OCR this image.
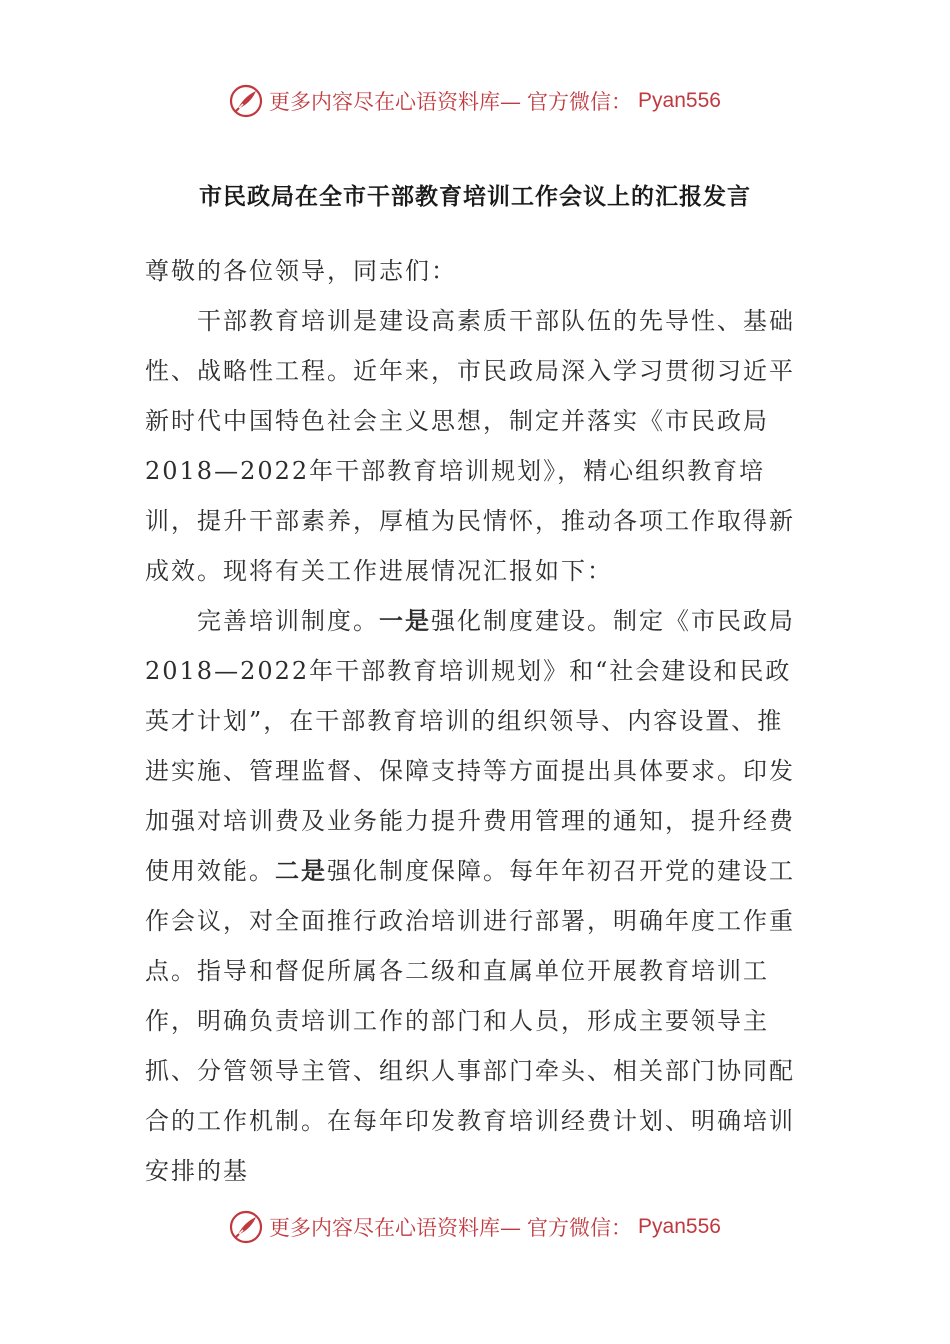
更多内容尽在心语资料库— 官方微信： Pyan556
市民政局在全市干部教育培训工作会议上的汇报发言

尊敬的各位领导，同志们：

干部教育培训是建设高素质干部队伍的先导性、基础性、战略性工程。近年来，市民政局深入学习贯彻习近平新时代中国特色社会主义思想，制定并落实《市民政局2018—2022年干部教育培训规划》，精心组织教育培训，提升干部素养，厚植为民情怀，推动各项工作取得新成效。现将有关工作进展情况汇报如下：

完善培训制度。一是强化制度建设。制定《市民政局2018—2022年干部教育培训规划》和“社会建设和民政英才计划”，在干部教育培训的组织领导、内容设置、推进实施、管理监督、保障支持等方面提出具体要求。印发加强对培训费及业务能力提升费用管理的通知，提升经费使用效能。二是强化制度保障。每年年初召开党的建设工作会议，对全面推行政治培训进行部署，明确年度工作重点。指导和督促所属各二级和直属单位开展教育培训工作，明确负责培训工作的部门和人员，形成主要领导主抓、分管领导主管、组织人事部门牵头、相关部门协同配合的工作机制。在每年印发教育培训经费计划、明确培训安排的基

更多内容尽在心语资料库— 官方微信： Pyan556
